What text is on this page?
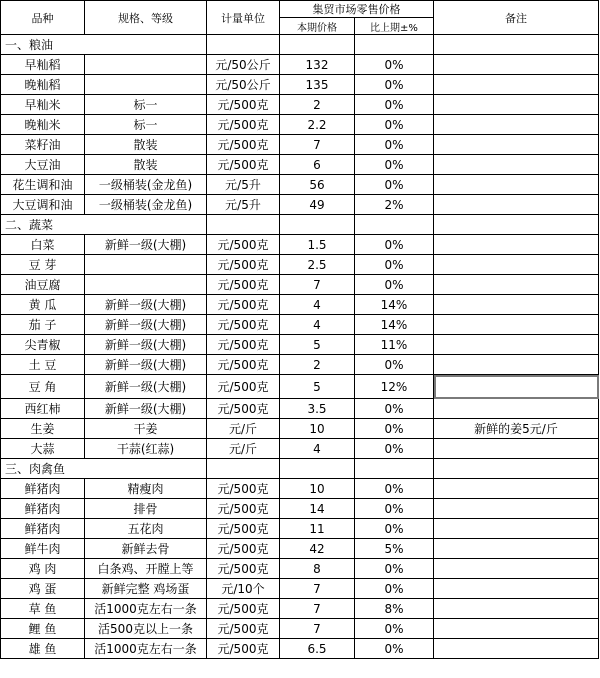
品种	规格、等级	计量单位	集贸市场零售价格		备注
			本期价格	比上期±%	
一、粮油					
早籼稻		元/50公斤	132	0%	
晚籼稻		元/50公斤	135	0%	
早籼米	标一	元/500克	2	0%	
晚籼米	标一	元/500克	2.2	0%	
菜籽油	散装	元/500克	7	0%	
大豆油	散装	元/500克	6	0%	
花生调和油	一级桶装(金龙鱼)	元/5升	56	0%	
大豆调和油	一级桶装(金龙鱼)	元/5升	49	2%	
二、蔬菜					
白菜	新鲜一级(大棚)	元/500克	1.5	0%	
豆 芽		元/500克	2.5	0%	
油豆腐		元/500克	7	0%	
黄 瓜	新鲜一级(大棚)	元/500克	4	14%	
茄 子	新鲜一级(大棚)	元/500克	4	14%	
尖青椒	新鲜一级(大棚)	元/500克	5	11%	
土 豆	新鲜一级(大棚)	元/500克	2	0%	
豆 角	新鲜一级(大棚)	元/500克	5	12%	
西红柿	新鲜一级(大棚)	元/500克	3.5	0%	
生姜	干姜	元/斤	10	0%	新鲜的姜5元/斤
大蒜	干蒜(红蒜)	元/斤	4	0%	
三、肉禽鱼					
鲜猪肉	精瘦肉	元/500克	10	0%	
鲜猪肉	排骨	元/500克	14	0%	
鲜猪肉	五花肉	元/500克	11	0%	
鲜牛肉	新鲜去骨	元/500克	42	5%	
鸡 肉	白条鸡、开膛上等	元/500克	8	0%	
鸡 蛋	新鲜完整 鸡场蛋	元/10个	7	0%	
草 鱼	活1000克左右一条	元/500克	7	8%	
鲤 鱼	活500克以上一条	元/500克	7	0%	
雄 鱼	活1000克左右一条	元/500克	6.5	0%	
